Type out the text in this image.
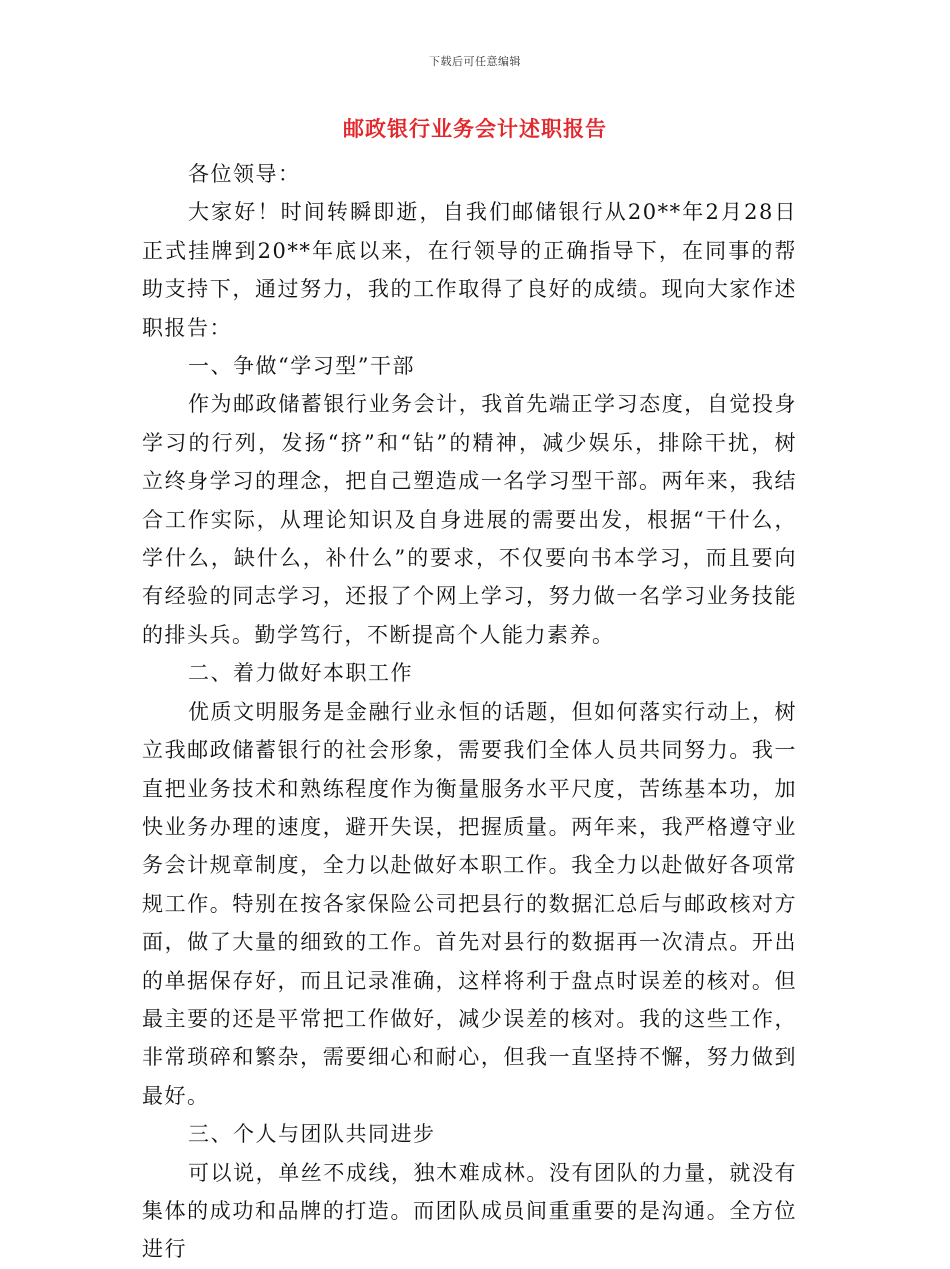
下载后可任意编辑
邮政银行业务会计述职报告

各位领导：

大家好！时间转瞬即逝，自我们邮储银行从20**年2月28日正式挂牌到20**年底以来，在行领导的正确指导下，在同事的帮助支持下，通过努力，我的工作取得了良好的成绩。现向大家作述职报告：

一、争做“学习型”干部

作为邮政储蓄银行业务会计，我首先端正学习态度，自觉投身学习的行列，发扬“挤”和“钻”的精神，减少娱乐，排除干扰，树立终身学习的理念，把自己塑造成一名学习型干部。两年来，我结合工作实际，从理论知识及自身进展的需要出发，根据“干什么，学什么，缺什么，补什么”的要求，不仅要向书本学习，而且要向有经验的同志学习，还报了个网上学习，努力做一名学习业务技能的排头兵。勤学笃行，不断提高个人能力素养。

二、着力做好本职工作

优质文明服务是金融行业永恒的话题，但如何落实行动上，树立我邮政储蓄银行的社会形象，需要我们全体人员共同努力。我一直把业务技术和熟练程度作为衡量服务水平尺度，苦练基本功，加快业务办理的速度，避开失误，把握质量。两年来，我严格遵守业务会计规章制度，全力以赴做好本职工作。我全力以赴做好各项常规工作。特别在按各家保险公司把县行的数据汇总后与邮政核对方面，做了大量的细致的工作。首先对县行的数据再一次清点。开出的单据保存好，而且记录准确，这样将利于盘点时误差的核对。但最主要的还是平常把工作做好，减少误差的核对。我的这些工作，非常琐碎和繁杂，需要细心和耐心，但我一直坚持不懈，努力做到最好。

三、个人与团队共同进步

可以说，单丝不成线，独木难成林。没有团队的力量，就没有集体的成功和品牌的打造。而团队成员间重重要的是沟通。全方位进行
